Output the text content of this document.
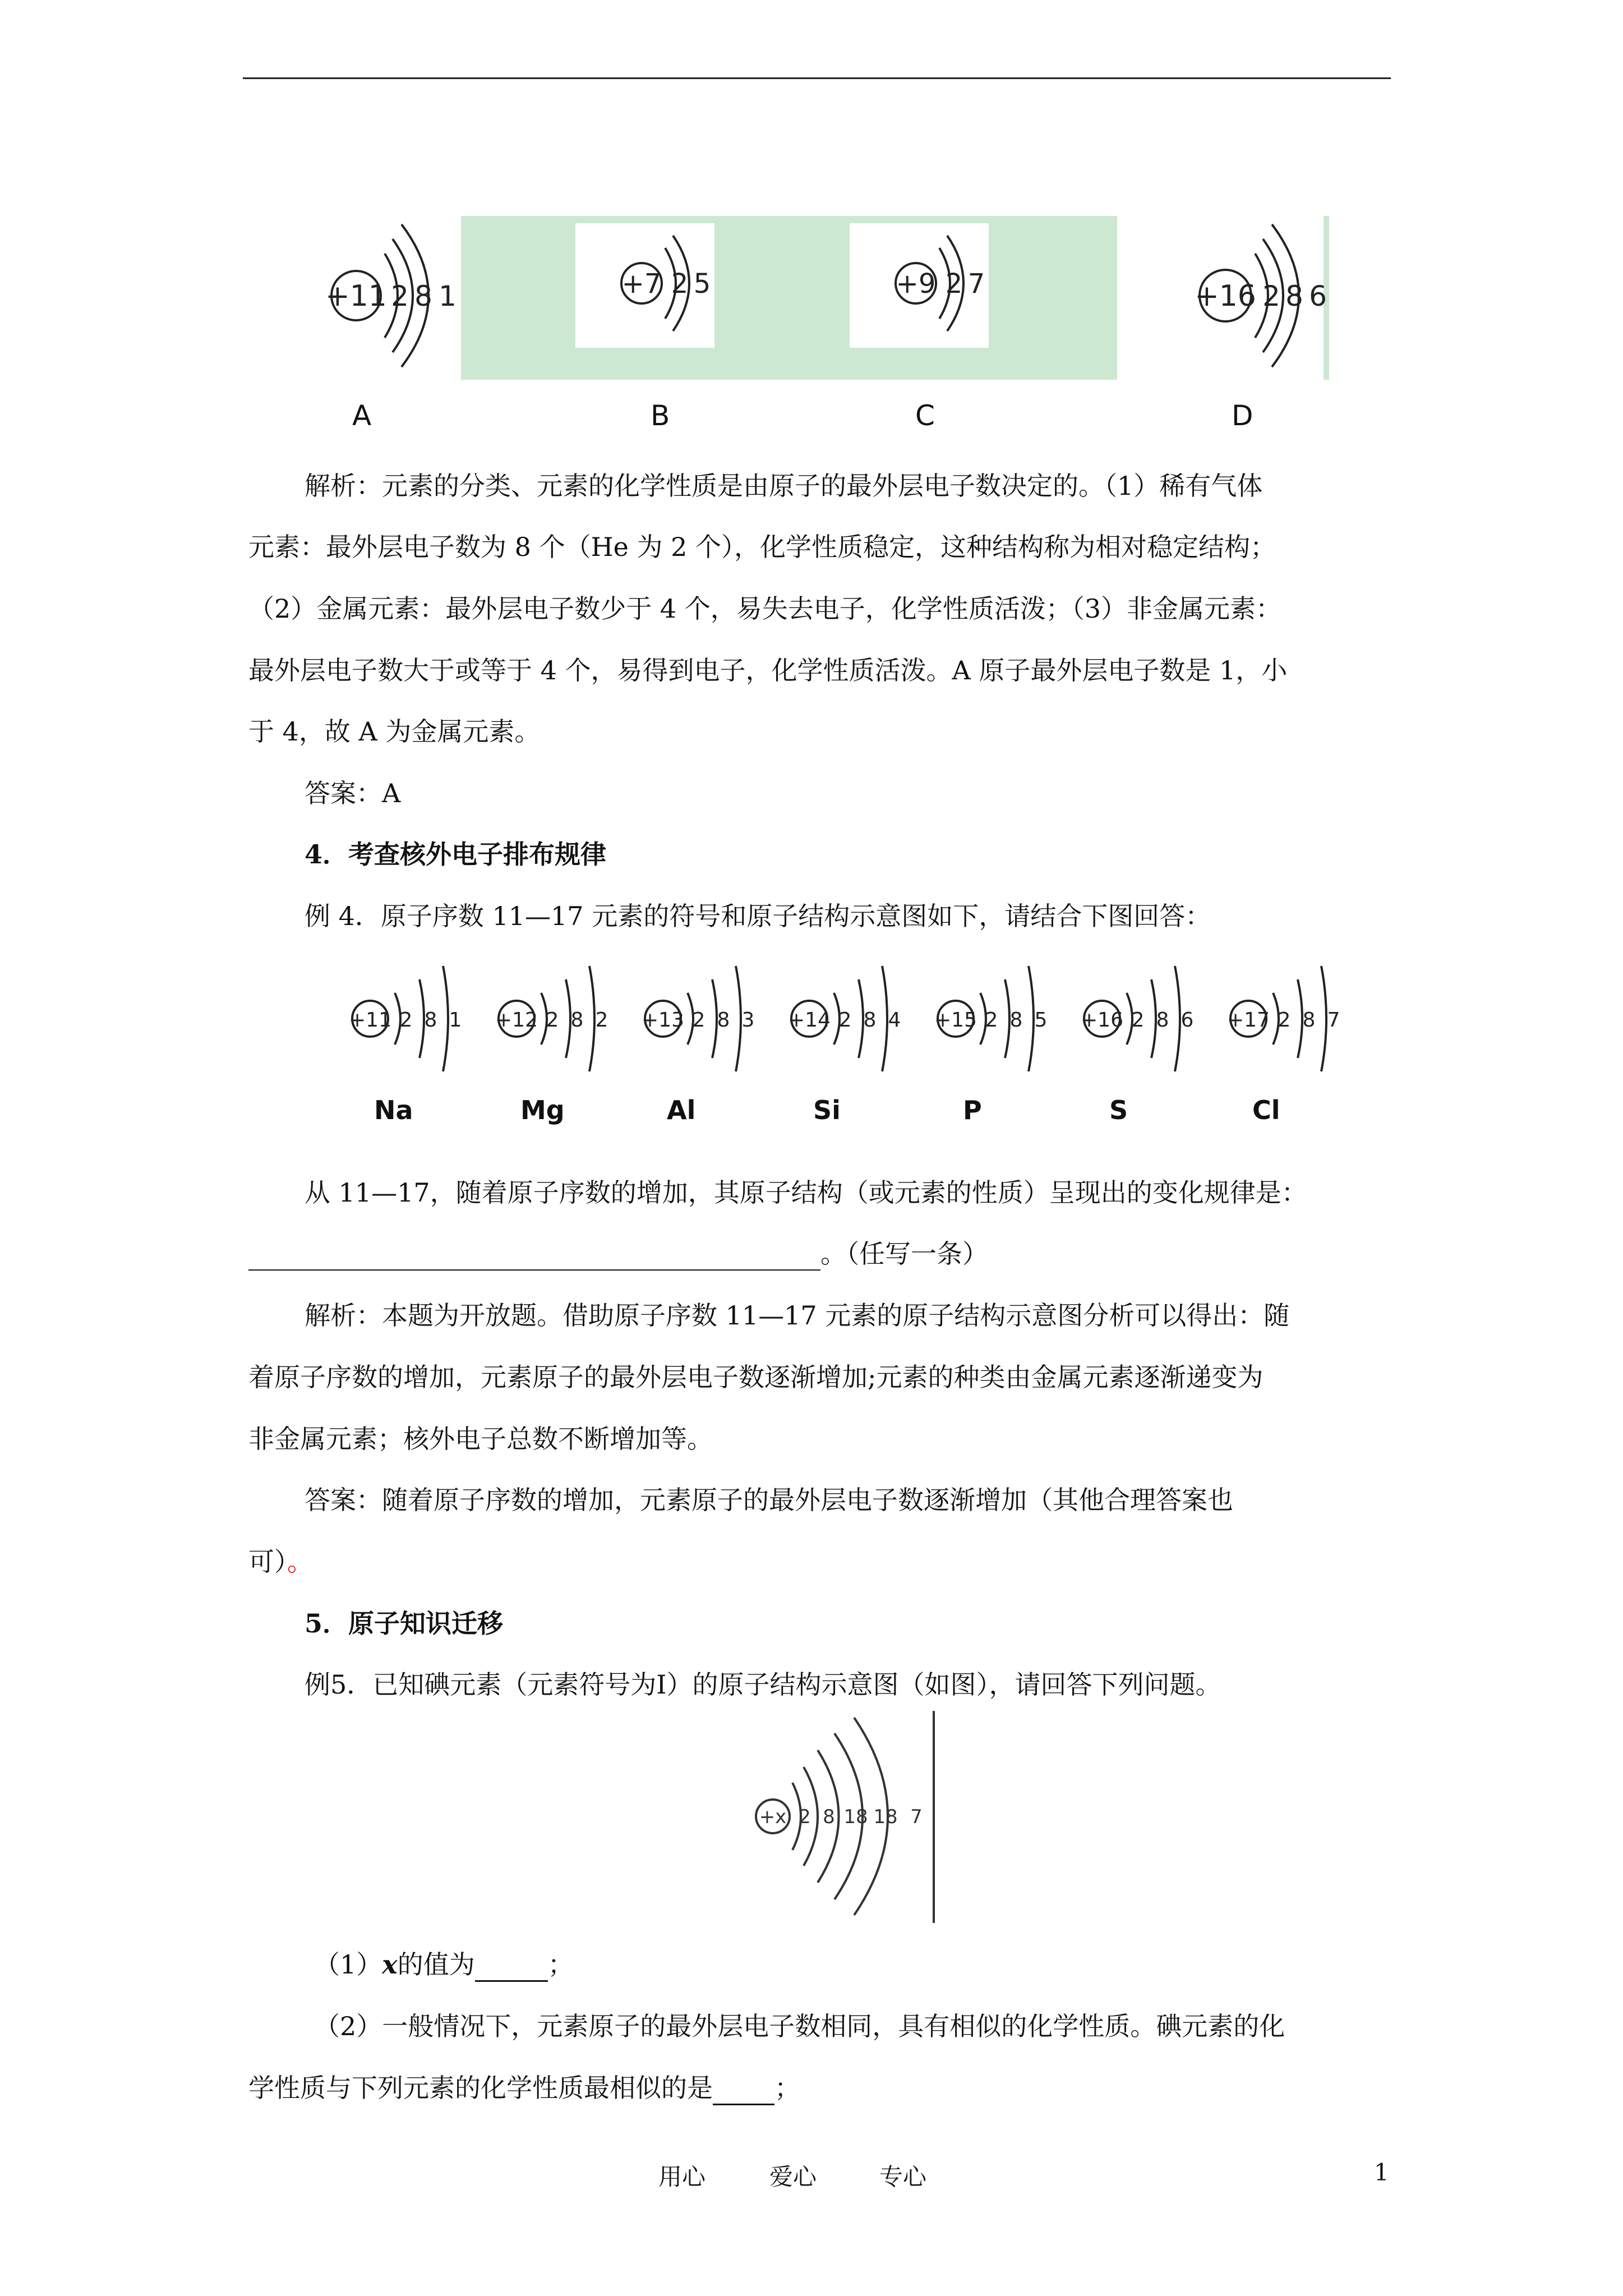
+11 2 8 1	+7 2 5	+9 2 7	+16 2 8 6
A	B	C	D
解析：元素的分类、元素的化学性质是由原子的最外层电子数决定的。（1）稀有气体
元素：最外层电子数为 8 个（He 为 2 个），化学性质稳定，这种结构称为相对稳定结构；
（2）金属元素：最外层电子数少于 4 个，易失去电子，化学性质活泼；（3）非金属元素：
最外层电子数大于或等于 4 个，易得到电子，化学性质活泼。A 原子最外层电子数是 1，小
于 4，故 A 为金属元素。
答案：A
4．考查核外电子排布规律
例 4．原子序数 11—17 元素的符号和原子结构示意图如下，请结合下图回答：
+11 2 8 1 +12 2 8 2 +13 2 8 3 +14 2 8 4 +15 2 8 5 +16 2 8 6 +17 2 8 7
Na	Mg	Al	Si	P	S	Cl
从 11—17，随着原子序数的增加，其原子结构（或元素的性质）呈现出的变化规律是：
。（任写一条）
解析：本题为开放题。借助原子序数 11—17 元素的原子结构示意图分析可以得出：随
着原子序数的增加，元素原子的最外层电子数逐渐增加;元素的种类由金属元素逐渐递变为
非金属元素；核外电子总数不断增加等。
答案：随着原子序数的增加，元素原子的最外层电子数逐渐增加（其他合理答案也
可）。
5．原子知识迁移
例5．已知碘元素（元素符号为I）的原子结构示意图（如图），请回答下列问题。
+x 2 8 18 18 7
（1）x的值为	；
（2）一般情况下，元素原子的最外层电子数相同，具有相似的化学性质。碘元素的化
学性质与下列元素的化学性质最相似的是 ；
用心	爱心	专心	1
